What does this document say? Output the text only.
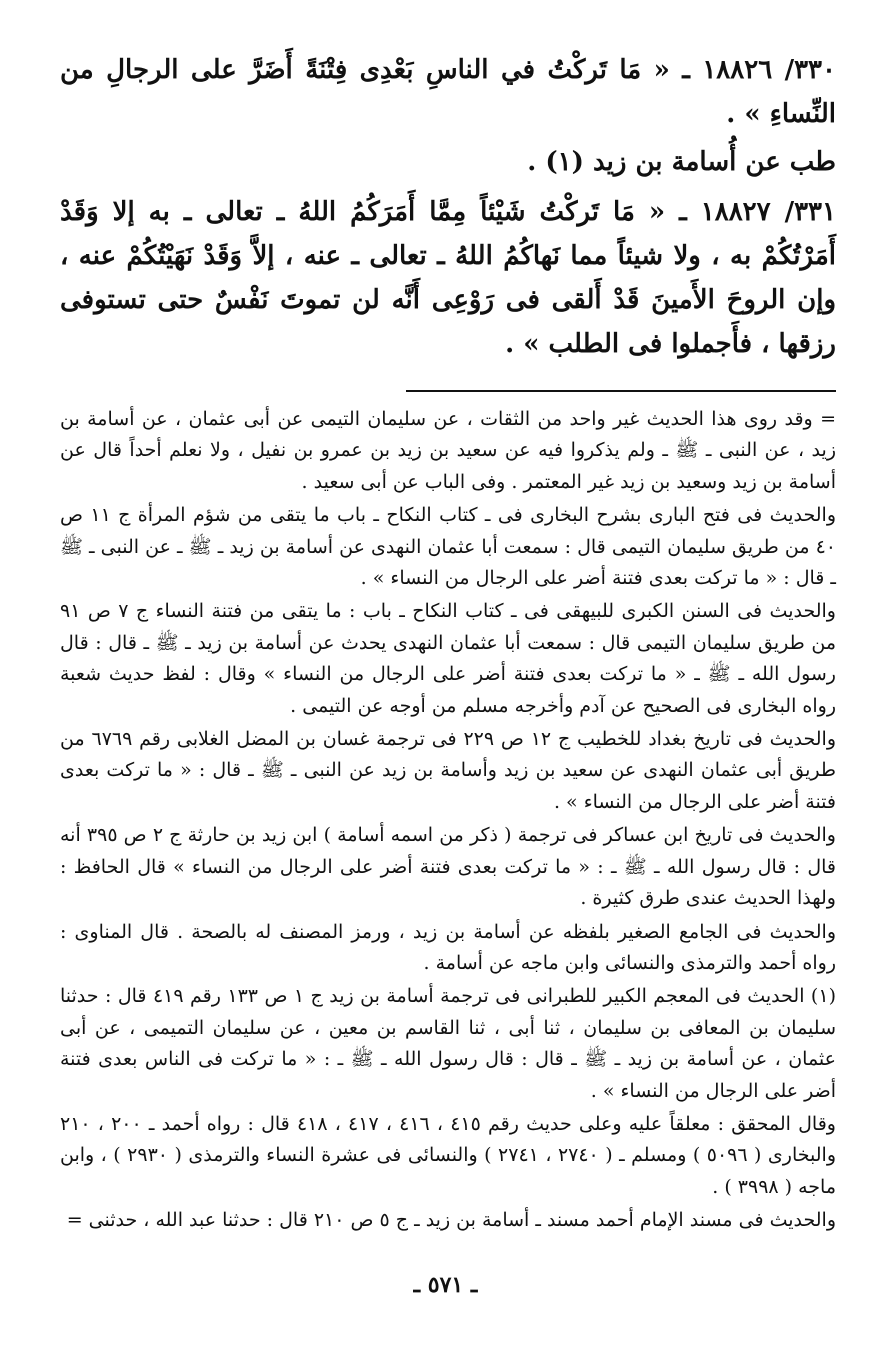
٣٣٠/ ١٨٨٢٦ ـ « مَا تَركْتُ في الناسِ بَعْدِى فِتْنَةً أَضَرَّ على الرجالِ من النِّساءِ » .

طب عن أُسامة بن زيد (١) .

٣٣١/ ١٨٨٢٧ ـ « مَا تَركْتُ شَيْئاً مِمَّا أَمَرَكُمُ اللهُ ـ تعالى ـ به إلا وَقَدْ أَمَرْتُكُمْ به ، ولا شيئاً مما نَهاكُمُ اللهُ ـ تعالى ـ عنه ، إلاَّ وَقَدْ نَهَيْتُكُمْ عنه ، وإن الروحَ الأَمينَ قَدْ أَلقى فى رَوْعِى أَنَّه لن تموتَ نَفْسٌ حتى تستوفى رزقها ، فأَجملوا فى الطلب » .

= وقد روى هذا الحديث غير واحد من الثقات ، عن سليمان التيمى عن أبى عثمان ، عن أسامة بن زيد ، عن النبى ـ ﷺ ـ ولم يذكروا فيه عن سعيد بن زيد بن عمرو بن نفيل ، ولا نعلم أحداً قال عن أسامة بن زيد وسعيد بن زيد غير المعتمر . وفى الباب عن أبى سعيد .

والحديث فى فتح البارى بشرح البخارى فى ـ كتاب النكاح ـ باب ما يتقى من شؤم المرأة ج ١١ ص ٤٠ من طريق سليمان التيمى قال : سمعت أبا عثمان النهدى عن أسامة بن زيد ـ ﷺ ـ عن النبى ـ ﷺ ـ قال : « ما تركت بعدى فتنة أضر على الرجال من النساء » .

والحديث فى السنن الكبرى للبيهقى فى ـ كتاب النكاح ـ باب : ما يتقى من فتنة النساء ج ٧ ص ٩١ من طريق سليمان التيمى قال : سمعت أبا عثمان النهدى يحدث عن أسامة بن زيد ـ ﷺ ـ قال : قال رسول الله ـ ﷺ ـ « ما تركت بعدى فتنة أضر على الرجال من النساء » وقال : لفظ حديث شعبة رواه البخارى فى الصحيح عن آدم وأخرجه مسلم من أوجه عن التيمى .

والحديث فى تاريخ بغداد للخطيب ج ١٢ ص ٢٢٩ فى ترجمة غسان بن المضل الغلابى رقم ٦٧٦٩ من طريق أبى عثمان النهدى عن سعيد بن زيد وأسامة بن زيد عن النبى ـ ﷺ ـ قال : « ما تركت بعدى فتنة أضر على الرجال من النساء » .

والحديث فى تاريخ ابن عساكر فى ترجمة ( ذكر من اسمه أسامة ) ابن زيد بن حارثة ج ٢ ص ٣٩٥ أنه قال : قال رسول الله ـ ﷺ ـ : « ما تركت بعدى فتنة أضر على الرجال من النساء » قال الحافظ : ولهذا الحديث عندى طرق كثيرة .

والحديث فى الجامع الصغير بلفظه عن أسامة بن زيد ، ورمز المصنف له بالصحة . قال المناوى : رواه أحمد والترمذى والنسائى وابن ماجه عن أسامة .

(١) الحديث فى المعجم الكبير للطبرانى فى ترجمة أسامة بن زيد ج ١ ص ١٣٣ رقم ٤١٩ قال : حدثنا سليمان بن المعافى بن سليمان ، ثنا أبى ، ثنا القاسم بن معين ، عن سليمان التميمى ، عن أبى عثمان ، عن أسامة بن زيد ـ ﷺ ـ قال : قال رسول الله ـ ﷺ ـ : « ما تركت فى الناس بعدى فتنة أضر على الرجال من النساء » .

وقال المحقق : معلقاً عليه وعلى حديث رقم ٤١٥ ، ٤١٦ ، ٤١٧ ، ٤١٨ قال : رواه أحمد ـ ٢٠٠ ، ٢١٠ والبخارى ( ٥٠٩٦ ) ومسلم ـ ( ٢٧٤٠ ، ٢٧٤١ ) والنسائى فى عشرة النساء والترمذى ( ٢٩٣٠ ) ، وابن ماجه ( ٣٩٩٨ ) .

والحديث فى مسند الإمام أحمد مسند ـ أسامة بن زيد ـ ج ٥ ص ٢١٠ قال : حدثنا عبد الله ، حدثنى =

ـ ٥٧١ ـ
